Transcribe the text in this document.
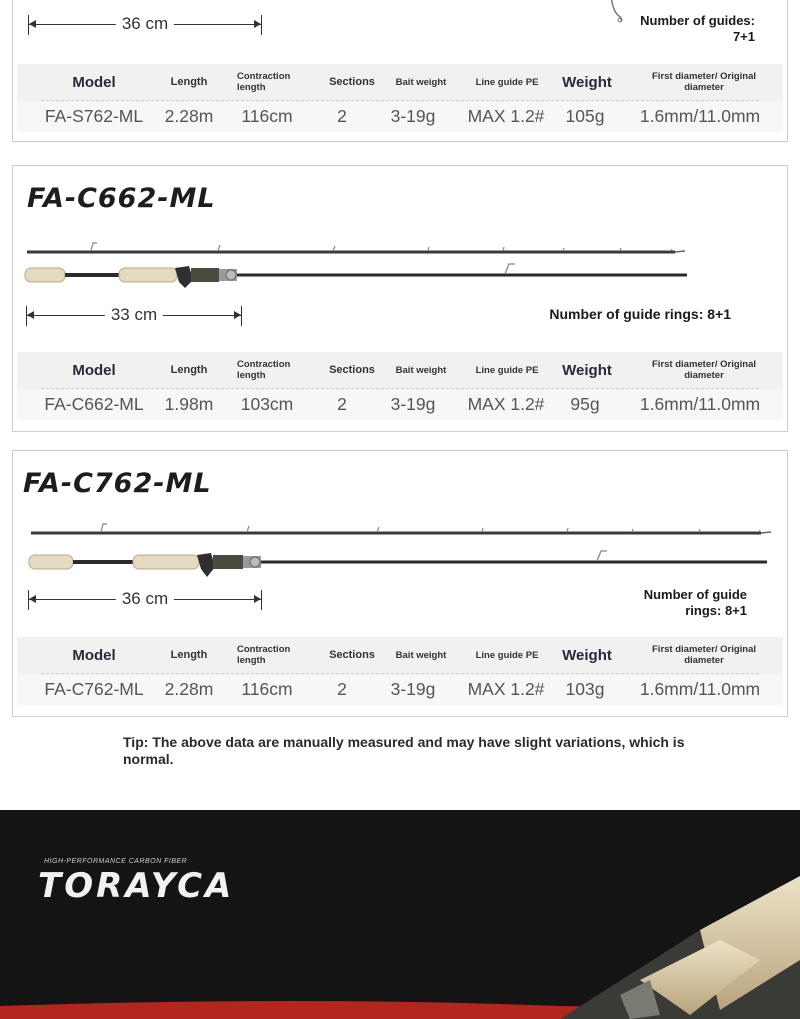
36 cm	Number of guides: 7+1
Model	Length	Contraction length	Sections	Bait weight	Line guide PE	Weight	First diameter/ Original diameter
FA-S762-ML	2.28m	116cm	2	3-19g	MAX 1.2#	105g	1.6mm/11.0mm
FA-C662-ML
33 cm	Number of guide rings: 8+1
Model	Length	Contraction length	Sections	Bait weight	Line guide PE	Weight	First diameter/ Original diameter
FA-C662-ML	1.98m	103cm	2	3-19g	MAX 1.2#	95g	1.6mm/11.0mm
FA-C762-ML
36 cm	Number of guide rings: 8+1
Model	Length	Contraction length	Sections	Bait weight	Line guide PE	Weight	First diameter/ Original diameter
FA-C762-ML	2.28m	116cm	2	3-19g	MAX 1.2#	103g	1.6mm/11.0mm
Tip: The above data are manually measured and may have slight variations, which is normal.
HIGH-PERFORMANCE CARBON FIBER
TORAYCA
